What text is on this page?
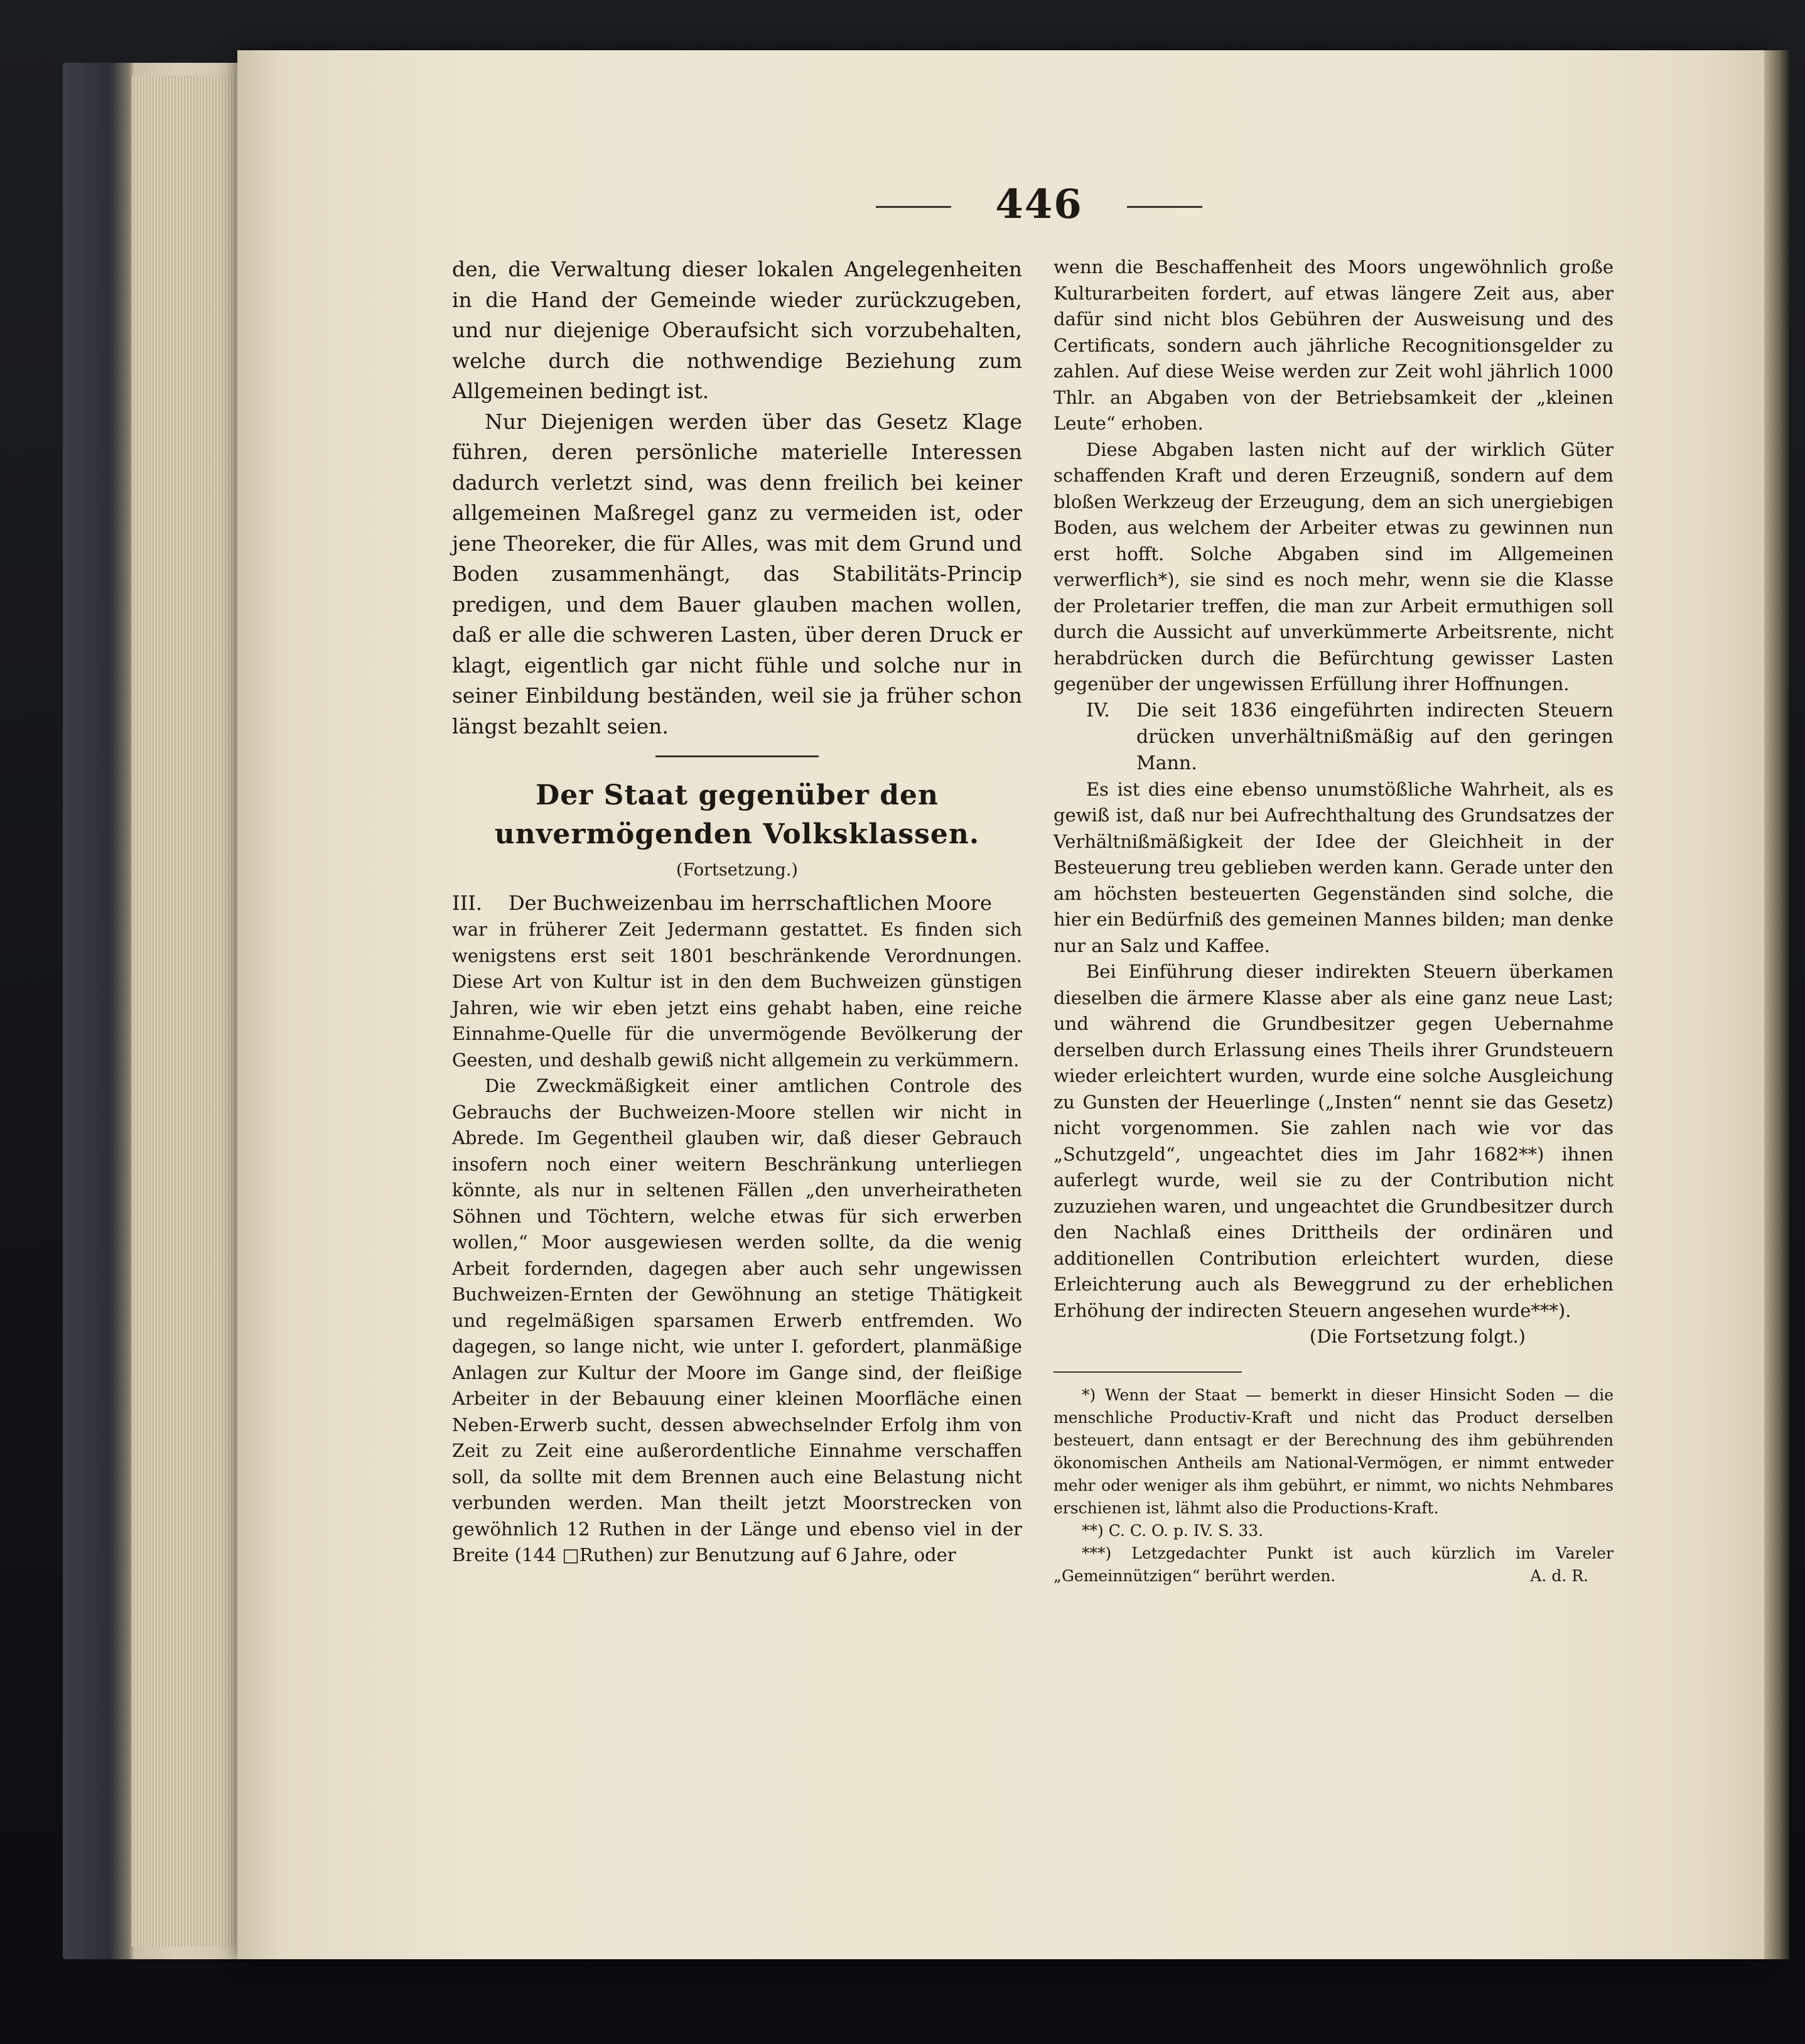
446

den, die Verwaltung dieser lokalen Angelegenheiten in die Hand der Gemeinde wieder zurückzugeben, und nur diejenige Oberaufsicht sich vorzubehalten, welche durch die nothwendige Beziehung zum Allgemeinen bedingt ist.

Nur Diejenigen werden über das Gesetz Klage führen, deren persönliche materielle Interessen dadurch verletzt sind, was denn freilich bei keiner allgemeinen Maßregel ganz zu vermeiden ist, oder jene Theoreker, die für Alles, was mit dem Grund und Boden zusammenhängt, das Stabilitäts-Princip predigen, und dem Bauer glauben machen wollen, daß er alle die schweren Lasten, über deren Druck er klagt, eigentlich gar nicht fühle und solche nur in seiner Einbildung beständen, weil sie ja früher schon längst bezahlt seien.

Der Staat gegenüber den unvermögenden Volksklassen.

(Fortsetzung.)

III.	Der Buchweizenbau im herrschaftlichen Moore

war in früherer Zeit Jedermann gestattet. Es finden sich wenigstens erst seit 1801 beschränkende Verordnungen. Diese Art von Kultur ist in den dem Buchweizen günstigen Jahren, wie wir eben jetzt eins gehabt haben, eine reiche Einnahme-Quelle für die unvermögende Bevölkerung der Geesten, und deshalb gewiß nicht allgemein zu verkümmern.

Die Zweckmäßigkeit einer amtlichen Controle des Gebrauchs der Buchweizen-Moore stellen wir nicht in Abrede. Im Gegentheil glauben wir, daß dieser Gebrauch insofern noch einer weitern Beschränkung unterliegen könnte, als nur in seltenen Fällen „den unverheiratheten Söhnen und Töchtern, welche etwas für sich erwerben wollen,“ Moor ausgewiesen werden sollte, da die wenig Arbeit fordernden, dagegen aber auch sehr ungewissen Buchweizen-Ernten der Gewöhnung an stetige Thätigkeit und regelmäßigen sparsamen Erwerb entfremden. Wo dagegen, so lange nicht, wie unter I. gefordert, planmäßige Anlagen zur Kultur der Moore im Gange sind, der fleißige Arbeiter in der Bebauung einer kleinen Moorfläche einen Neben-Erwerb sucht, dessen abwechselnder Erfolg ihm von Zeit zu Zeit eine außerordentliche Einnahme verschaffen soll, da sollte mit dem Brennen auch eine Belastung nicht verbunden werden. Man theilt jetzt Moorstrecken von gewöhnlich 12 Ruthen in der Länge und ebenso viel in der Breite (144 □Ruthen) zur Benutzung auf 6 Jahre, oder

wenn die Beschaffenheit des Moors ungewöhnlich große Kulturarbeiten fordert, auf etwas längere Zeit aus, aber dafür sind nicht blos Gebühren der Ausweisung und des Certificats, sondern auch jährliche Recognitionsgelder zu zahlen. Auf diese Weise werden zur Zeit wohl jährlich 1000 Thlr. an Abgaben von der Betriebsamkeit der „kleinen Leute“ erhoben.

Diese Abgaben lasten nicht auf der wirklich Güter schaffenden Kraft und deren Erzeugniß, sondern auf dem bloßen Werkzeug der Erzeugung, dem an sich unergiebigen Boden, aus welchem der Arbeiter etwas zu gewinnen nun erst hofft. Solche Abgaben sind im Allgemeinen verwerflich*), sie sind es noch mehr, wenn sie die Klasse der Proletarier treffen, die man zur Arbeit ermuthigen soll durch die Aussicht auf unverkümmerte Arbeitsrente, nicht herabdrücken durch die Befürchtung gewisser Lasten gegenüber der ungewissen Erfüllung ihrer Hoffnungen.

IV.	Die seit 1836 eingeführten indirecten Steuern drücken unverhältnißmäßig auf den geringen Mann.

Es ist dies eine ebenso unumstößliche Wahrheit, als es gewiß ist, daß nur bei Aufrechthaltung des Grundsatzes der Verhältnißmäßigkeit der Idee der Gleichheit in der Besteuerung treu geblieben werden kann. Gerade unter den am höchsten besteuerten Gegenständen sind solche, die hier ein Bedürfniß des gemeinen Mannes bilden; man denke nur an Salz und Kaffee.

Bei Einführung dieser indirekten Steuern überkamen dieselben die ärmere Klasse aber als eine ganz neue Last; und während die Grundbesitzer gegen Uebernahme derselben durch Erlassung eines Theils ihrer Grundsteuern wieder erleichtert wurden, wurde eine solche Ausgleichung zu Gunsten der Heuerlinge („Insten“ nennt sie das Gesetz) nicht vorgenommen. Sie zahlen nach wie vor das „Schutzgeld“, ungeachtet dies im Jahr 1682**) ihnen auferlegt wurde, weil sie zu der Contribution nicht zuzuziehen waren, und ungeachtet die Grundbesitzer durch den Nachlaß eines Drittheils der ordinären und additionellen Contribution erleichtert wurden, diese Erleichterung auch als Beweggrund zu der erheblichen Erhöhung der indirecten Steuern angesehen wurde***).

(Die Fortsetzung folgt.)

*) Wenn der Staat — bemerkt in dieser Hinsicht Soden — die menschliche Productiv-Kraft und nicht das Product derselben besteuert, dann entsagt er der Berechnung des ihm gebührenden ökonomischen Antheils am National-Vermögen, er nimmt entweder mehr oder weniger als ihm gebührt, er nimmt, wo nichts Nehmbares erschienen ist, lähmt also die Productions-Kraft.

**) C. C. O. p. IV. S. 33.

***) Letzgedachter Punkt ist auch kürzlich im Vareler „Gemeinnützigen“ berührt werden.	A. d. R.
